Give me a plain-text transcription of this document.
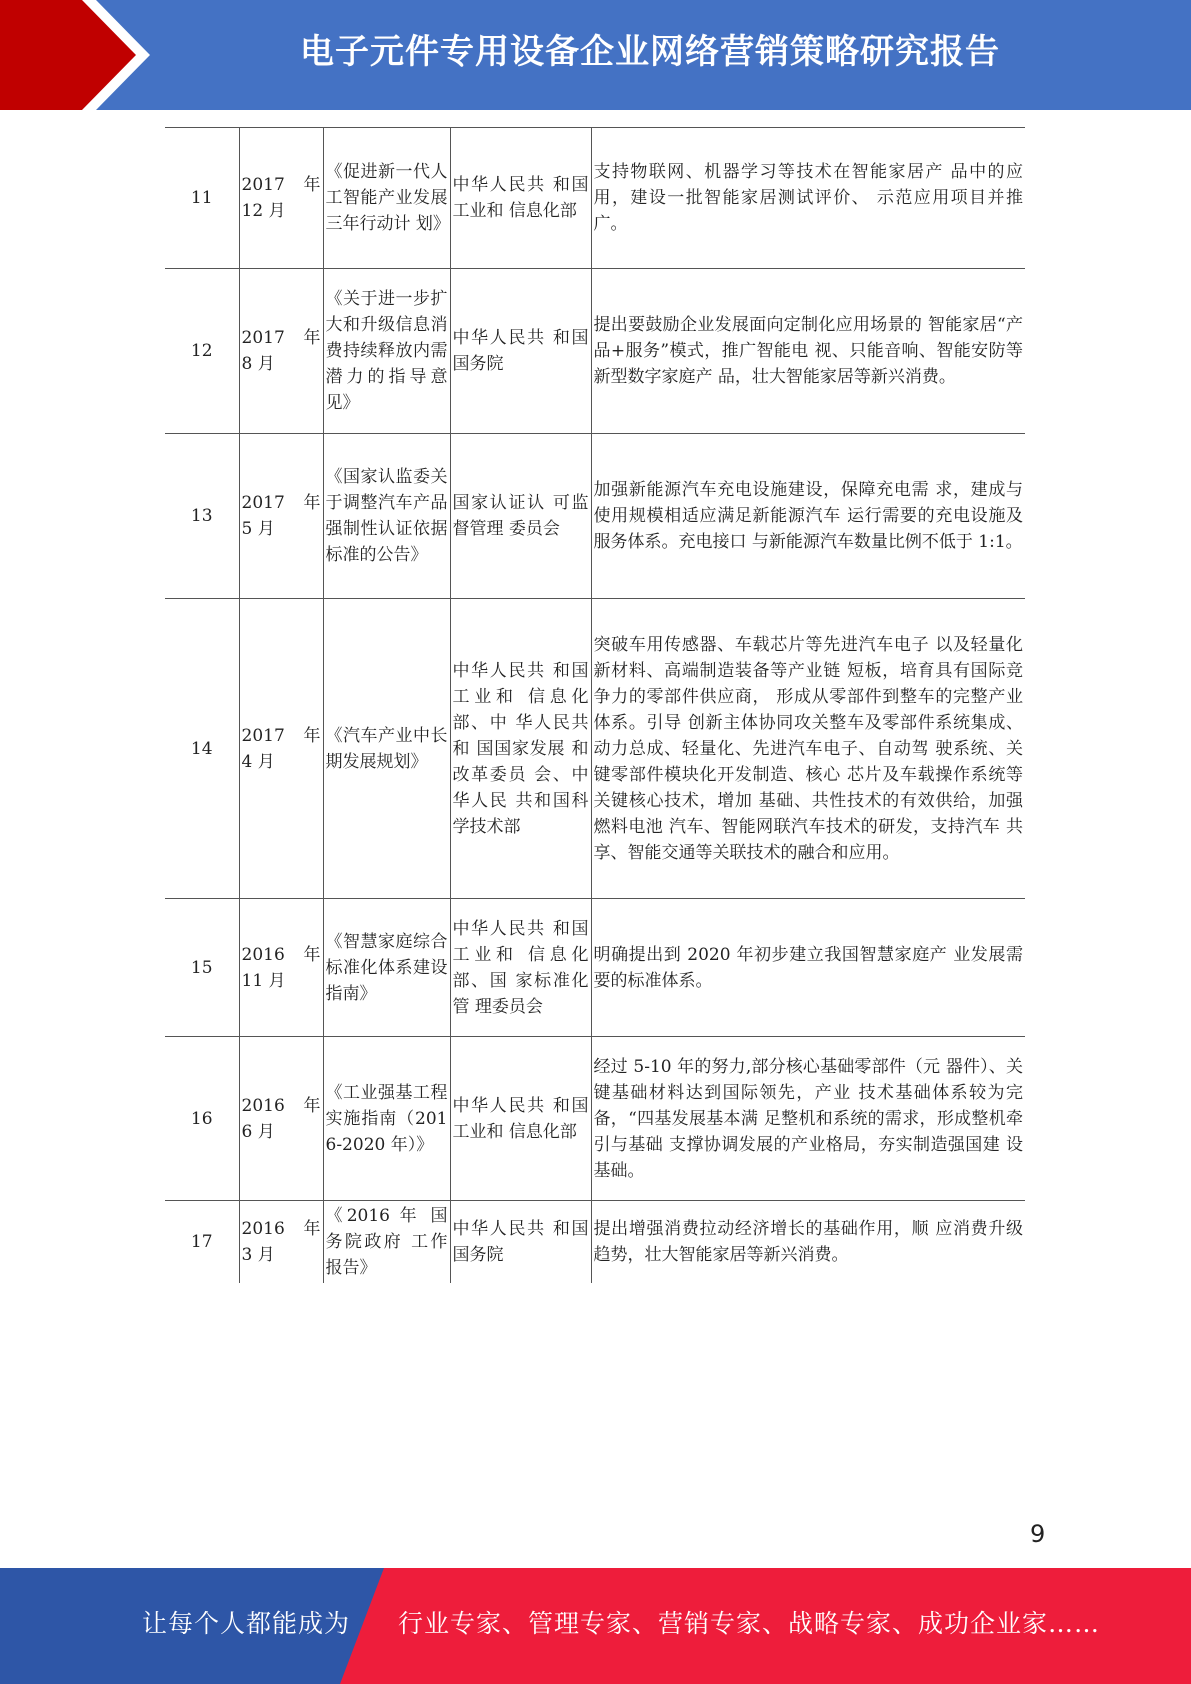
电子元件专用设备企业网络营销策略研究报告
11	2017 年 12 月	《促进新一代人工智能产业发展三年行动计 划》	中华人民共 和国工业和 信息化部	支持物联网、机器学习等技术在智能家居产 品中的应用，建设一批智能家居测试评价、 示范应用项目并推广。
12	2017 年 8 月	《关于进一步扩大和升级信息消费持续释放内需潜力的指导意见》	中华人民共 和国国务院	提出要鼓励企业发展面向定制化应用场景的 智能家居“产品+服务”模式，推广智能电 视、只能音响、智能安防等新型数字家庭产 品，壮大智能家居等新兴消费。
13	2017 年 5 月	《国家认监委关于调整汽车产品强制性认证依据标准的公告》	国家认证认 可监督管理 委员会	加强新能源汽车充电设施建设，保障充电需 求，建成与使用规模相适应满足新能源汽车 运行需要的充电设施及服务体系。充电接口 与新能源汽车数量比例不低于 1:1。
14	2017 年 4 月	《汽车产业中长期发展规划》	中华人民共 和国工业和 信息化部、中 华人民共和 国国家发展 和改革委员 会、中华人民 共和国科学技术部	突破车用传感器、车载芯片等先进汽车电子 以及轻量化新材料、高端制造装备等产业链 短板，培育具有国际竞争力的零部件供应商， 形成从零部件到整车的完整产业体系。引导 创新主体协同攻关整车及零部件系统集成、 动力总成、轻量化、先进汽车电子、自动驾 驶系统、关键零部件模块化开发制造、核心 芯片及车载操作系统等关键核心技术，增加 基础、共性技术的有效供给，加强燃料电池 汽车、智能网联汽车技术的研发，支持汽车 共享、智能交通等关联技术的融合和应用。
15	2016 年 11 月	《智慧家庭综合标准化体系建设指南》	中华人民共 和国工业和 信息化部、国 家标准化管 理委员会	明确提出到 2020 年初步建立我国智慧家庭产 业发展需要的标准体系。
16	2016 年 6 月	《工业强基工程实施指南（2016-2020 年）》	中华人民共 和国工业和 信息化部	经过 5-10 年的努力,部分核心基础零部件（元 器件）、关键基础材料达到国际领先，产业 技术基础体系较为完备，“四基发展基本满 足整机和系统的需求，形成整机牵引与基础 支撑协调发展的产业格局，夯实制造强国建 设基础。
17	2016 年 3 月	《2016 年 国务院政府 工作报告》	中华人民共 和国国务院	提出增强消费拉动经济增长的基础作用，顺 应消费升级趋势，壮大智能家居等新兴消费。
9
让每个人都能成为 行业专家、管理专家、营销专家、战略专家、成功企业家……
